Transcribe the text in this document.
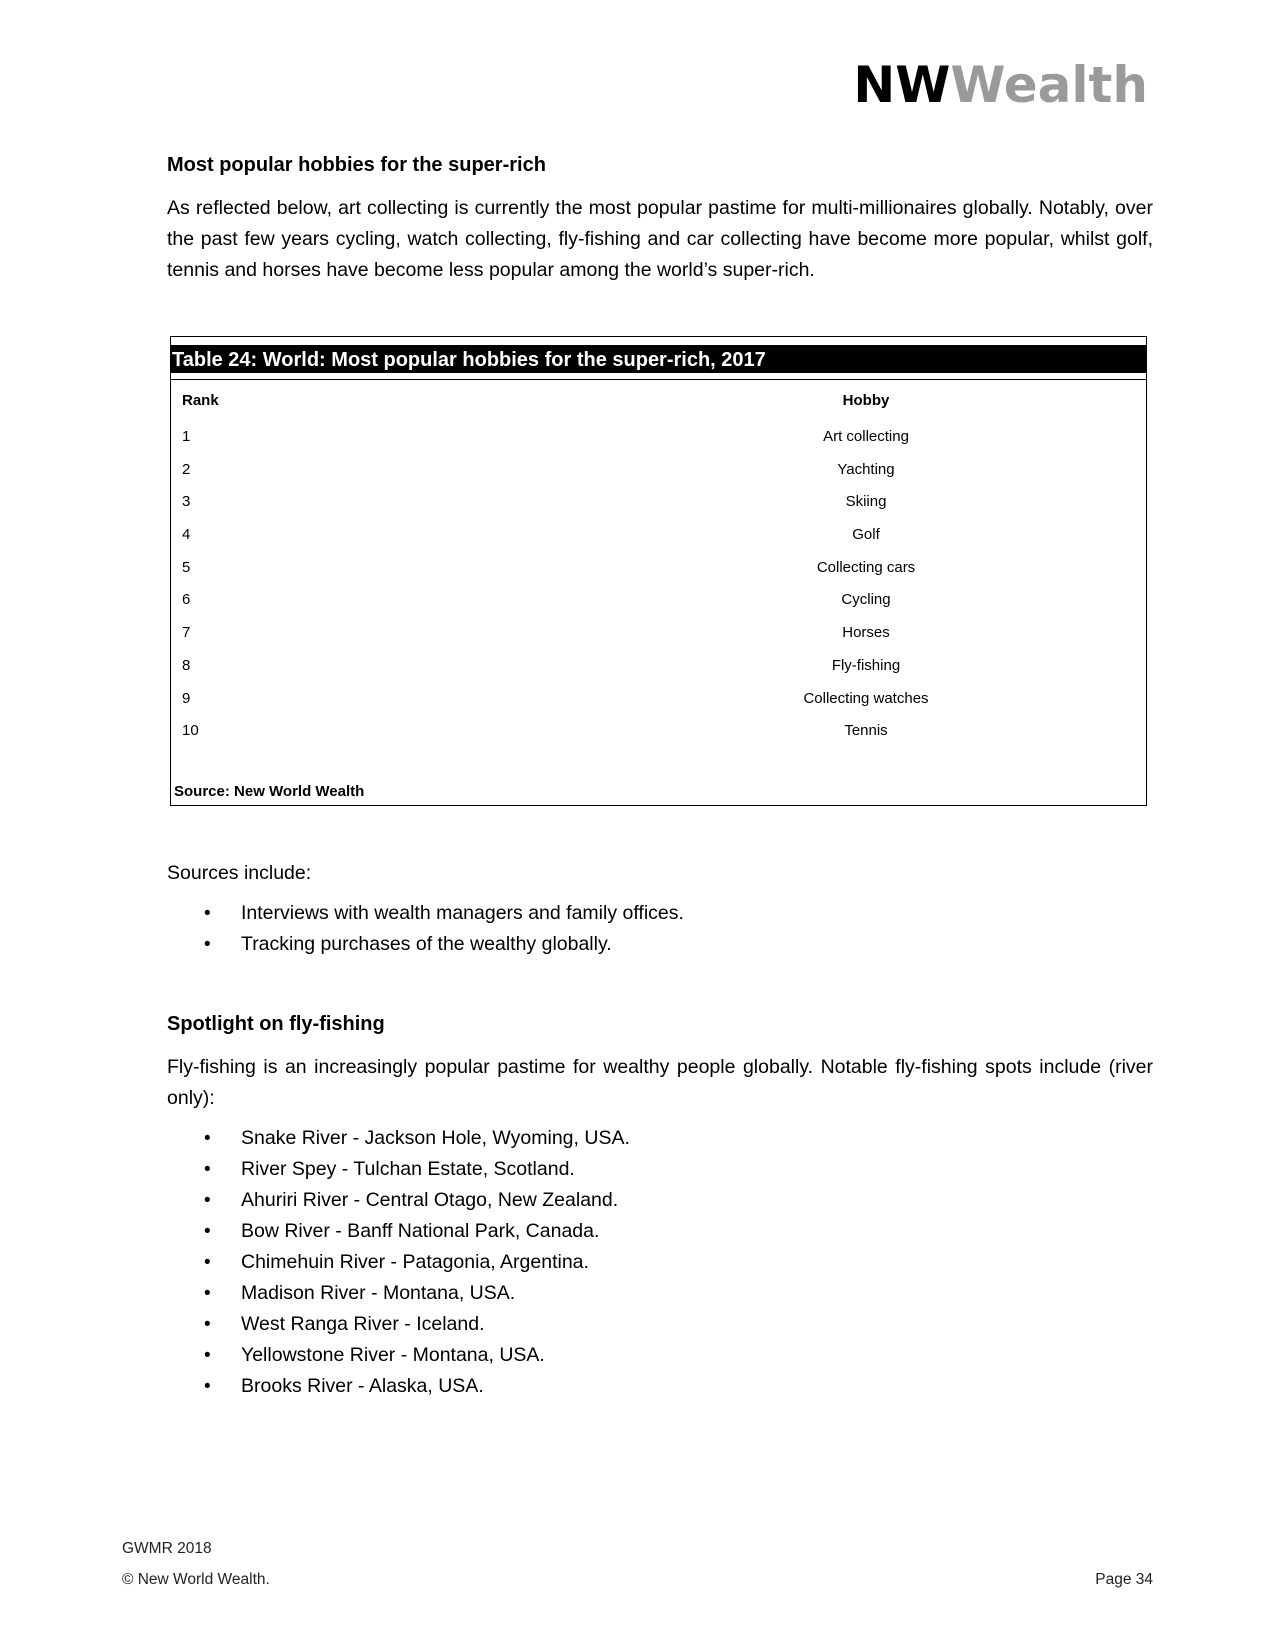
NWWealth
Most popular hobbies for the super-rich

As reflected below, art collecting is currently the most popular pastime for multi-millionaires globally. Notably, over the past few years cycling, watch collecting, fly-fishing and car collecting have become more popular, whilst golf, tennis and horses have become less popular among the world’s super-rich.

Table 24: World: Most popular hobbies for the super-rich, 2017
Rank	Hobby
1	Art collecting
2	Yachting
3	Skiing
4	Golf
5	Collecting cars
6	Cycling
7	Horses
8	Fly-fishing
9	Collecting watches
10	Tennis
Source: New World Wealth
Sources include:
• Interviews with wealth managers and family offices.
• Tracking purchases of the wealthy globally.
Spotlight on fly-fishing

Fly-fishing is an increasingly popular pastime for wealthy people globally. Notable fly-fishing spots include (river only):

• Snake River - Jackson Hole, Wyoming, USA.
• River Spey - Tulchan Estate, Scotland.
• Ahuriri River - Central Otago, New Zealand.
• Bow River - Banff National Park, Canada.
• Chimehuin River - Patagonia, Argentina.
• Madison River - Montana, USA.
• West Ranga River - Iceland.
• Yellowstone River - Montana, USA.
• Brooks River - Alaska, USA.
GWMR 2018
© New World Wealth.	Page 34
